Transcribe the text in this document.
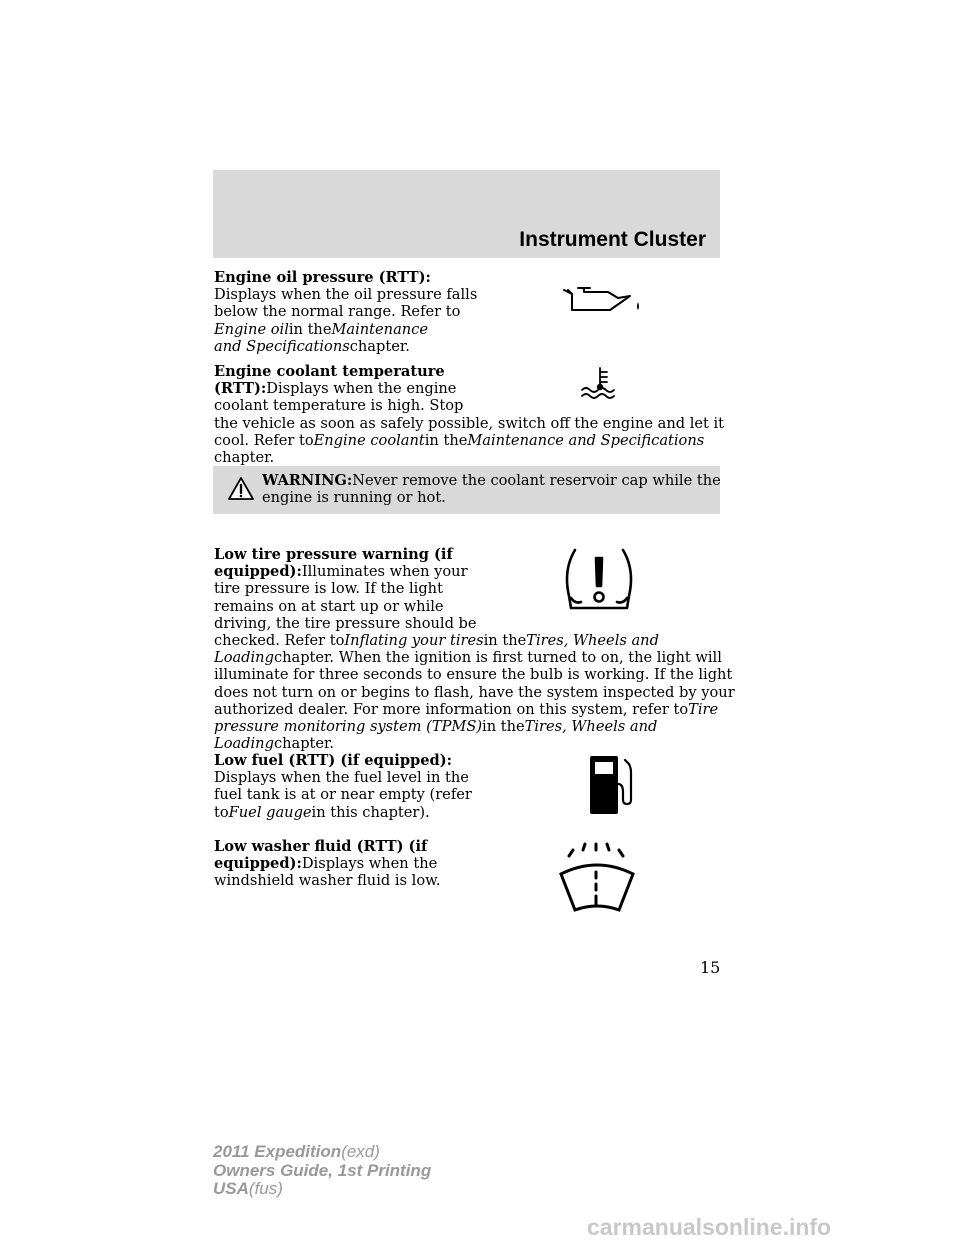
Instrument Cluster
Engine oil pressure (RTT):
Displays when the oil pressure falls
below the normal range. Refer to
Engine oilin theMaintenance
and Specificationschapter.
Engine coolant temperature
(RTT):Displays when the engine
coolant temperature is high. Stop
the vehicle as soon as safely possible, switch off the engine and let it
cool. Refer toEngine coolantin theMaintenance and Specifications
chapter.
WARNING:Never remove the coolant reservoir cap while the
engine is running or hot.
Low tire pressure warning (if
equipped):Illuminates when your
tire pressure is low. If the light
remains on at start up or while
driving, the tire pressure should be
checked. Refer toInflating your tiresin theTires, Wheels and
Loadingchapter. When the ignition is first turned to on, the light will
illuminate for three seconds to ensure the bulb is working. If the light
does not turn on or begins to flash, have the system inspected by your
authorized dealer. For more information on this system, refer toTire
pressure monitoring system (TPMS)in theTires, Wheels and
Loadingchapter.
Low fuel (RTT) (if equipped):
Displays when the fuel level in the
fuel tank is at or near empty (refer
toFuel gaugein this chapter).
Low washer fluid (RTT) (if
equipped):Displays when the
windshield washer fluid is low.
15
2011 Expedition(exd)
Owners Guide, 1st Printing
USA(fus)
carmanualsonline.info
